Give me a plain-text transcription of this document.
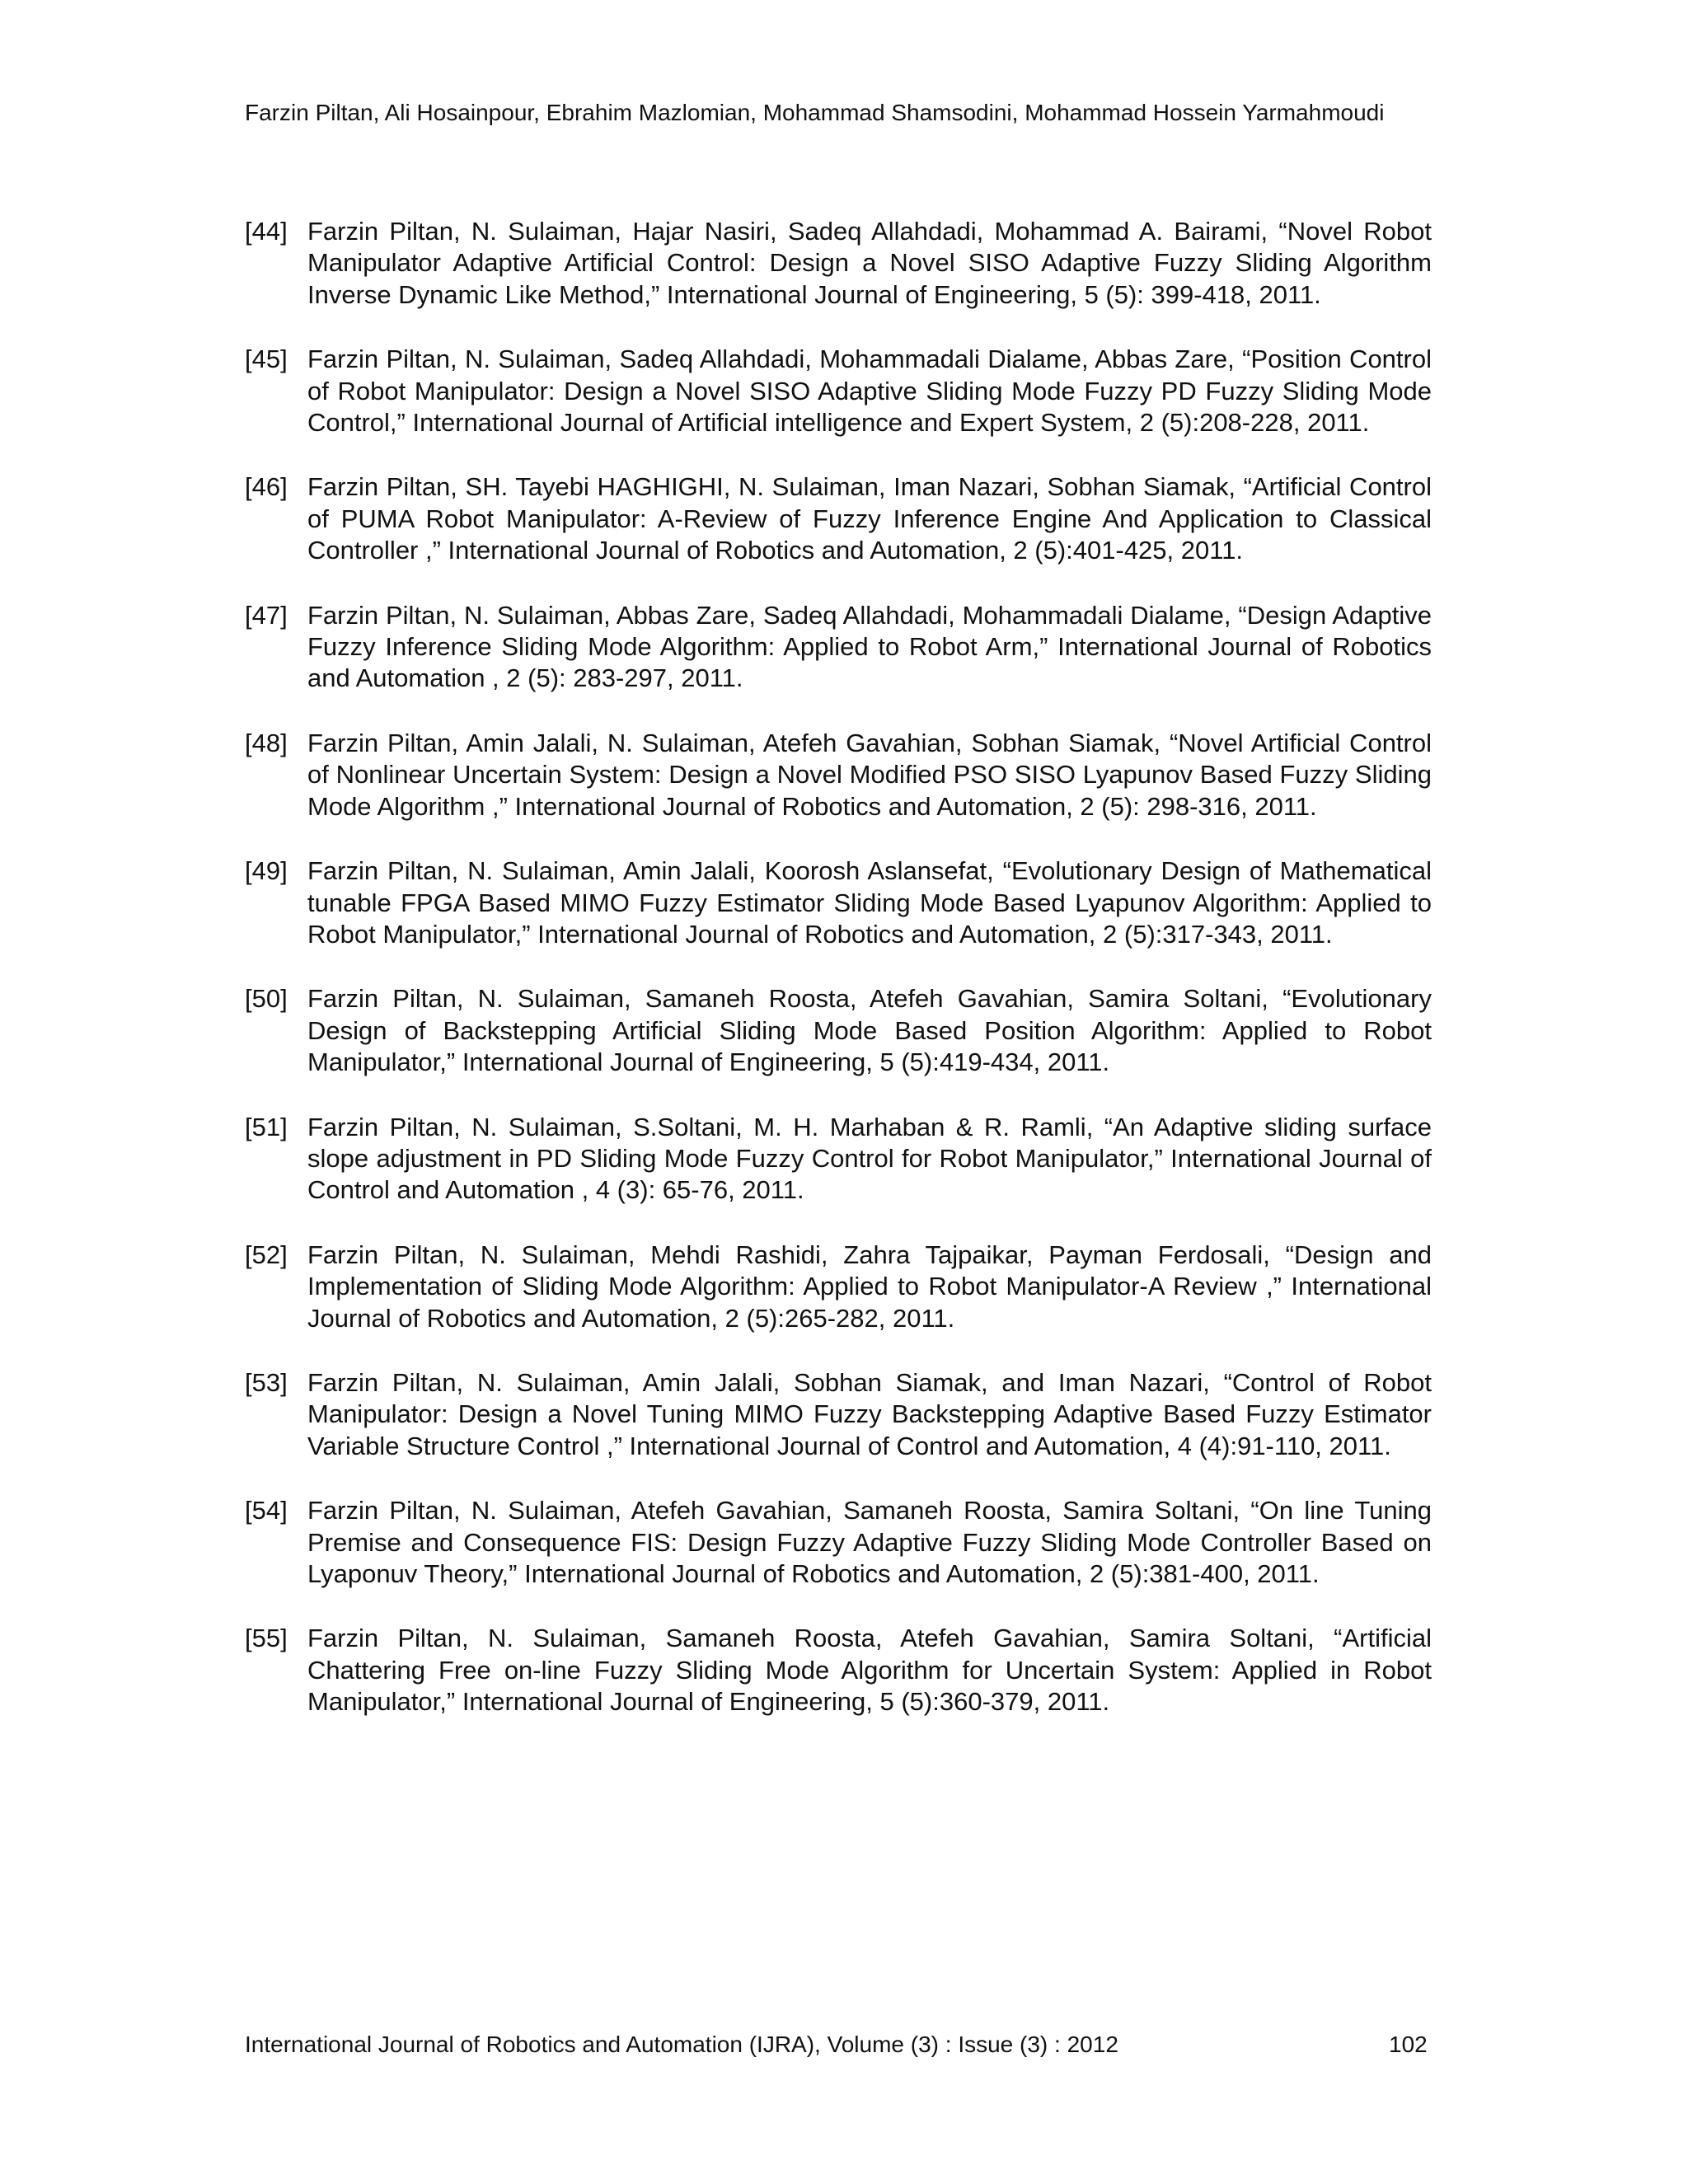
Farzin Piltan, Ali Hosainpour, Ebrahim Mazlomian, Mohammad Shamsodini, Mohammad Hossein Yarmahmoudi
[44] Farzin Piltan, N. Sulaiman, Hajar Nasiri, Sadeq Allahdadi, Mohammad A. Bairami, “Novel Robot Manipulator Adaptive Artificial Control: Design a Novel SISO Adaptive Fuzzy Sliding Algorithm Inverse Dynamic Like Method,” International Journal of Engineering, 5 (5): 399-418, 2011.
[45] Farzin Piltan, N. Sulaiman, Sadeq Allahdadi, Mohammadali Dialame, Abbas Zare, “Position Control of Robot Manipulator: Design a Novel SISO Adaptive Sliding Mode Fuzzy PD Fuzzy Sliding Mode Control,” International Journal of Artificial intelligence and Expert System, 2 (5):208-228, 2011.
[46] Farzin Piltan, SH. Tayebi HAGHIGHI, N. Sulaiman, Iman Nazari, Sobhan Siamak, “Artificial Control of PUMA Robot Manipulator: A-Review of Fuzzy Inference Engine And Application to Classical Controller ,” International Journal of Robotics and Automation, 2 (5):401-425, 2011.
[47] Farzin Piltan, N. Sulaiman, Abbas Zare, Sadeq Allahdadi, Mohammadali Dialame, “Design Adaptive Fuzzy Inference Sliding Mode Algorithm: Applied to Robot Arm,” International Journal of Robotics and Automation , 2 (5): 283-297, 2011.
[48] Farzin Piltan, Amin Jalali, N. Sulaiman, Atefeh Gavahian, Sobhan Siamak, “Novel Artificial Control of Nonlinear Uncertain System: Design a Novel Modified PSO SISO Lyapunov Based Fuzzy Sliding Mode Algorithm ,” International Journal of Robotics and Automation, 2 (5): 298-316, 2011.
[49] Farzin Piltan, N. Sulaiman, Amin Jalali, Koorosh Aslansefat, “Evolutionary Design of Mathematical tunable FPGA Based MIMO Fuzzy Estimator Sliding Mode Based Lyapunov Algorithm: Applied to Robot Manipulator,” International Journal of Robotics and Automation, 2 (5):317-343, 2011.
[50] Farzin Piltan, N. Sulaiman, Samaneh Roosta, Atefeh Gavahian, Samira Soltani, “Evolutionary Design of Backstepping Artificial Sliding Mode Based Position Algorithm: Applied to Robot Manipulator,” International Journal of Engineering, 5 (5):419-434, 2011.
[51] Farzin Piltan, N. Sulaiman, S.Soltani, M. H. Marhaban & R. Ramli, “An Adaptive sliding surface slope adjustment in PD Sliding Mode Fuzzy Control for Robot Manipulator,” International Journal of Control and Automation , 4 (3): 65-76, 2011.
[52] Farzin Piltan, N. Sulaiman, Mehdi Rashidi, Zahra Tajpaikar, Payman Ferdosali, “Design and Implementation of Sliding Mode Algorithm: Applied to Robot Manipulator-A Review ,” International Journal of Robotics and Automation, 2 (5):265-282, 2011.
[53] Farzin Piltan, N. Sulaiman, Amin Jalali, Sobhan Siamak, and Iman Nazari, “Control of Robot Manipulator: Design a Novel Tuning MIMO Fuzzy Backstepping Adaptive Based Fuzzy Estimator Variable Structure Control ,” International Journal of Control and Automation, 4 (4):91-110, 2011.
[54] Farzin Piltan, N. Sulaiman, Atefeh Gavahian, Samaneh Roosta, Samira Soltani, “On line Tuning Premise and Consequence FIS: Design Fuzzy Adaptive Fuzzy Sliding Mode Controller Based on Lyaponuv Theory,” International Journal of Robotics and Automation, 2 (5):381-400, 2011.
[55] Farzin Piltan, N. Sulaiman, Samaneh Roosta, Atefeh Gavahian, Samira Soltani, “Artificial Chattering Free on-line Fuzzy Sliding Mode Algorithm for Uncertain System: Applied in Robot Manipulator,” International Journal of Engineering, 5 (5):360-379, 2011.
International Journal of Robotics and Automation (IJRA), Volume (3) : Issue (3) : 2012	102
